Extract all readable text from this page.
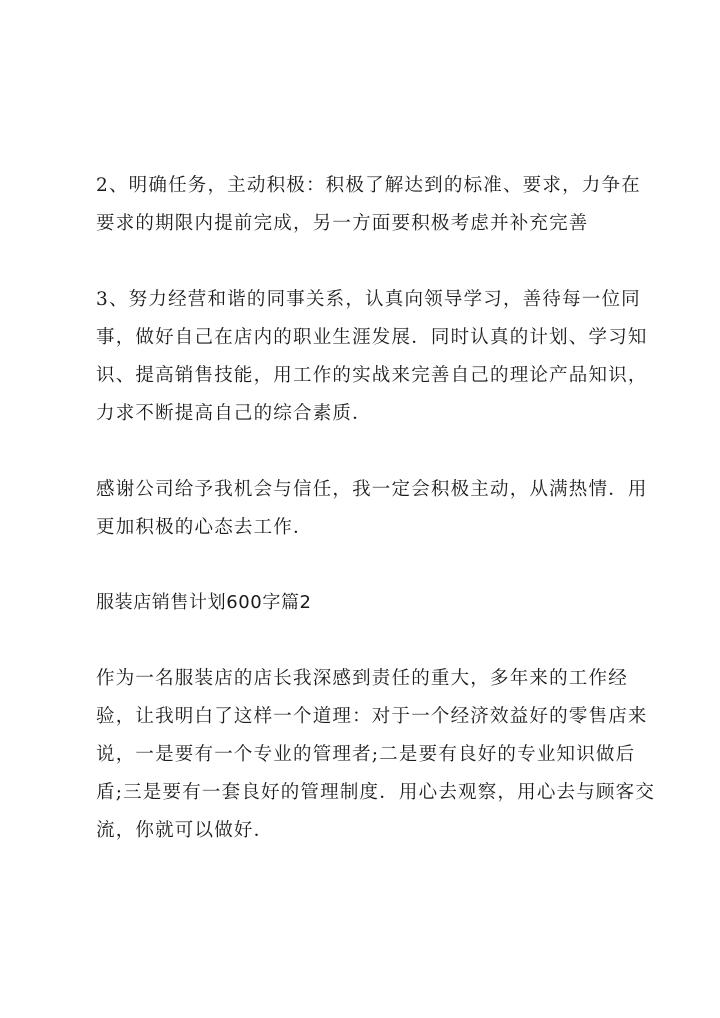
2、明确任务，主动积极：积极了解达到的标准、要求，力争在要求的期限内提前完成，另一方面要积极考虑并补充完善

3、努力经营和谐的同事关系，认真向领导学习，善待每一位同事，做好自己在店内的职业生涯发展．同时认真的计划、学习知识、提高销售技能，用工作的实战来完善自己的理论产品知识，力求不断提高自己的综合素质．

感谢公司给予我机会与信任，我一定会积极主动，从满热情．用更加积极的心态去工作．

服装店销售计划600字篇2

作为一名服装店的店长我深感到责任的重大，多年来的工作经验，让我明白了这样一个道理：对于一个经济效益好的零售店来说，一是要有一个专业的管理者;二是要有良好的专业知识做后盾;三是要有一套良好的管理制度．用心去观察，用心去与顾客交流，你就可以做好．
